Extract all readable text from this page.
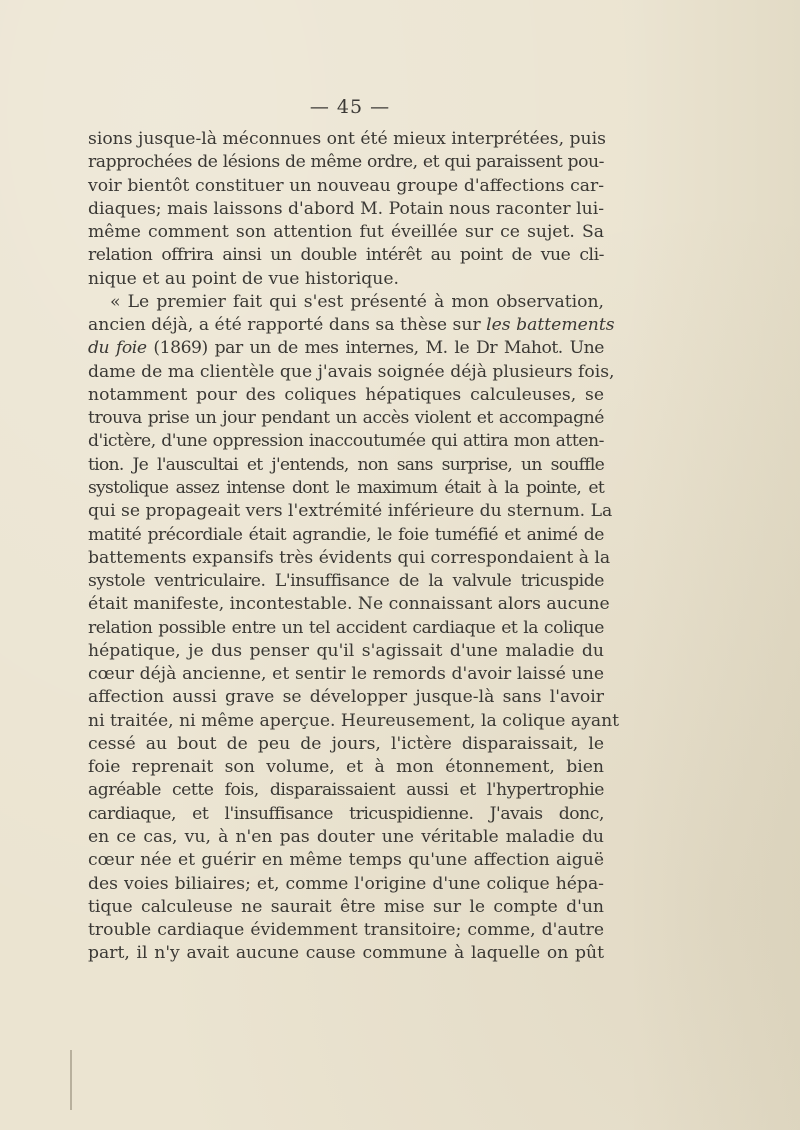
— 45 —
sions jusque-là méconnues ont été mieux interprétées, puis
rapprochées de lésions de même ordre, et qui paraissent pou-
voir bientôt constituer un nouveau groupe d'affections car-
diaques; mais laissons d'abord M. Potain nous raconter lui-
même comment son attention fut éveillée sur ce sujet. Sa
relation offrira ainsi un double intérêt au point de vue cli-
nique et au point de vue historique.
« Le premier fait qui s'est présenté à mon observation,
ancien déjà, a été rapporté dans sa thèse sur les battements
du foie (1869) par un de mes internes, M. le Dr Mahot. Une
dame de ma clientèle que j'avais soignée déjà plusieurs fois,
notamment pour des coliques hépatiques calculeuses, se
trouva prise un jour pendant un accès violent et accompagné
d'ictère, d'une oppression inaccoutumée qui attira mon atten-
tion. Je l'auscultai et j'entends, non sans surprise, un souffle
systolique assez intense dont le maximum était à la pointe, et
qui se propageait vers l'extrémité inférieure du sternum. La
matité précordiale était agrandie, le foie tuméfié et animé de
battements expansifs très évidents qui correspondaient à la
systole ventriculaire. L'insuffisance de la valvule tricuspide
était manifeste, incontestable. Ne connaissant alors aucune
relation possible entre un tel accident cardiaque et la colique
hépatique, je dus penser qu'il s'agissait d'une maladie du
cœur déjà ancienne, et sentir le remords d'avoir laissé une
affection aussi grave se développer jusque-là sans l'avoir
ni traitée, ni même aperçue. Heureusement, la colique ayant
cessé au bout de peu de jours, l'ictère disparaissait, le
foie reprenait son volume, et à mon étonnement, bien
agréable cette fois, disparaissaient aussi et l'hypertrophie
cardiaque, et l'insuffisance tricuspidienne. J'avais donc,
en ce cas, vu, à n'en pas douter une véritable maladie du
cœur née et guérir en même temps qu'une affection aiguë
des voies biliaires; et, comme l'origine d'une colique hépa-
tique calculeuse ne saurait être mise sur le compte d'un
trouble cardiaque évidemment transitoire; comme, d'autre
part, il n'y avait aucune cause commune à laquelle on pût
